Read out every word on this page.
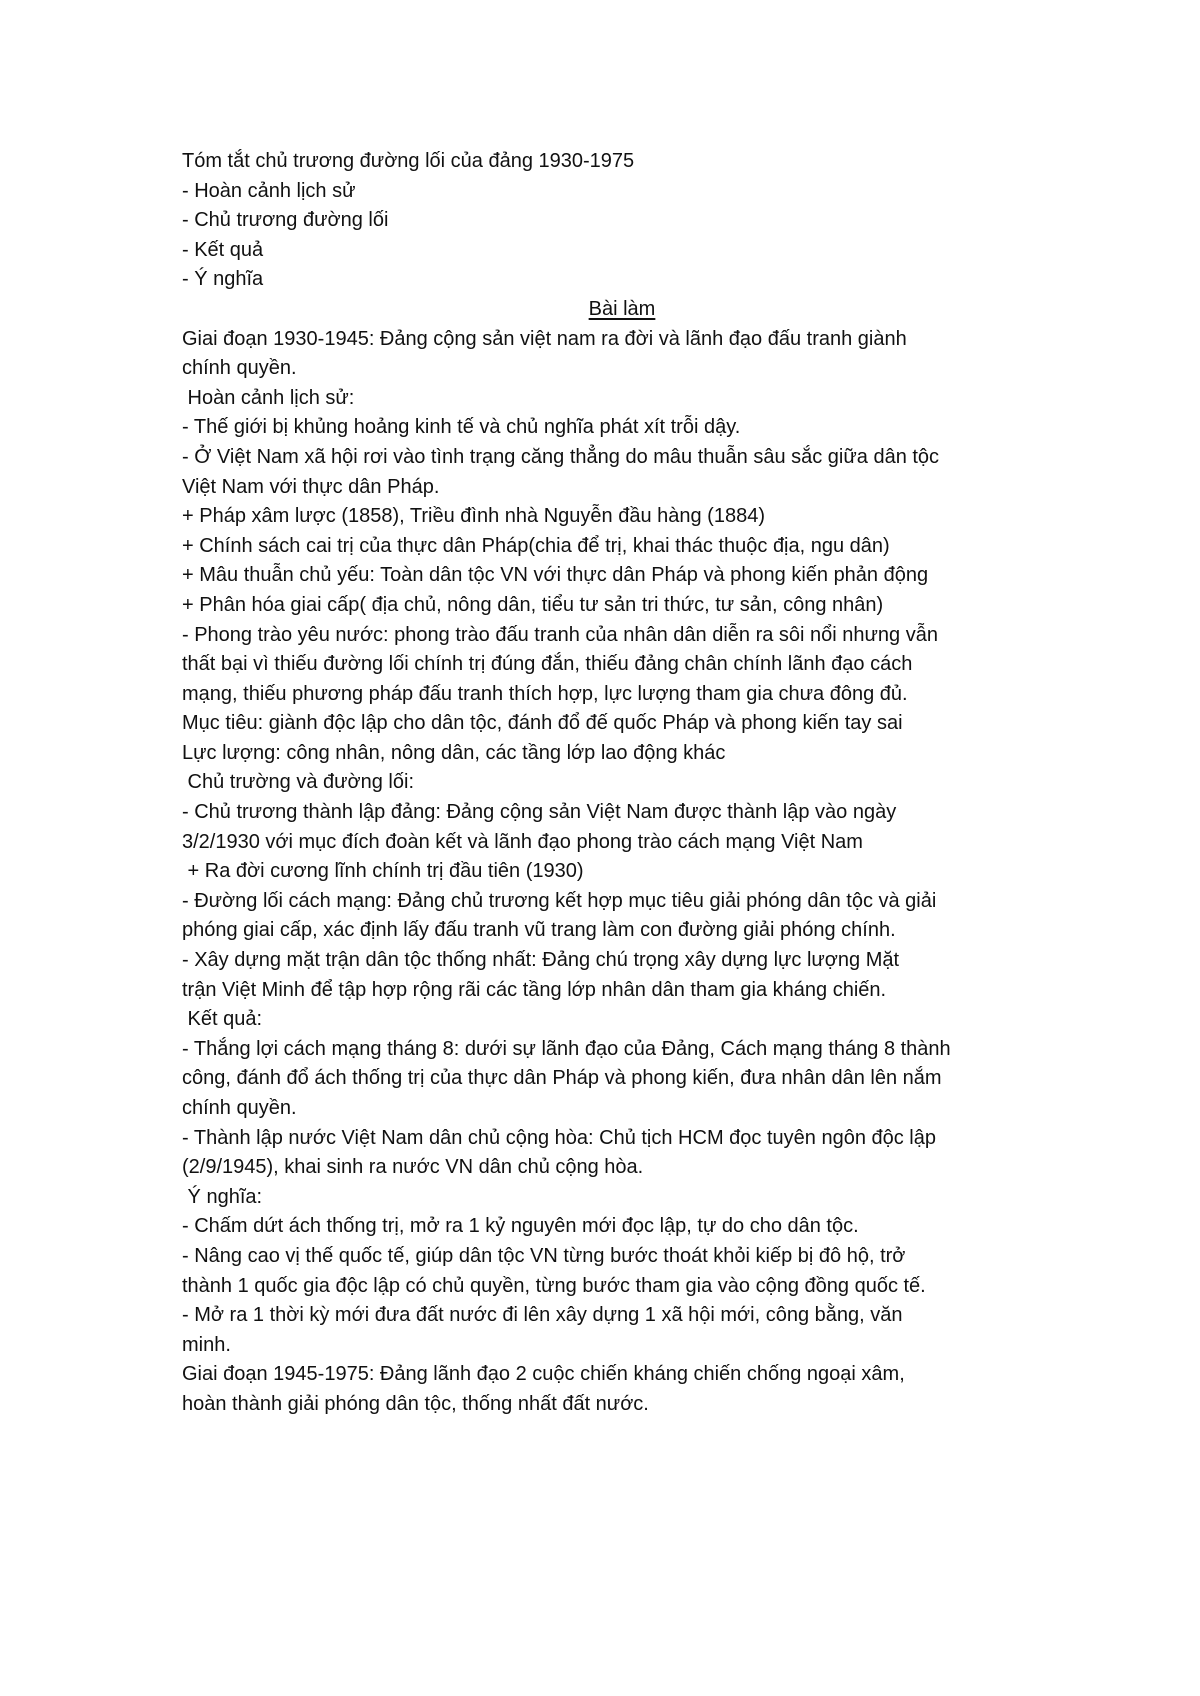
Tóm tắt chủ trương đường lối của đảng 1930-1975

- Hoàn cảnh lịch sử

- Chủ trương đường lối

- Kết quả

- Ý nghĩa

Bài làm

Giai đoạn 1930-1945: Đảng cộng sản việt nam ra đời và lãnh đạo đấu tranh giành

chính quyền.

Hoàn cảnh lịch sử:

- Thế giới bị khủng hoảng kinh tế và chủ nghĩa phát xít trỗi dậy.

- Ở Việt Nam xã hội rơi vào tình trạng căng thẳng do mâu thuẫn sâu sắc giữa dân tộc

Việt Nam với thực dân Pháp.

+ Pháp xâm lược (1858), Triều đình nhà Nguyễn đầu hàng (1884)

+ Chính sách cai trị của thực dân Pháp(chia để trị, khai thác thuộc địa, ngu dân)

+ Mâu thuẫn chủ yếu: Toàn dân tộc VN với thực dân Pháp và phong kiến phản động

+ Phân hóa giai cấp( địa chủ, nông dân, tiểu tư sản tri thức, tư sản, công nhân)

- Phong trào yêu nước: phong trào đấu tranh của nhân dân diễn ra sôi nổi nhưng vẫn

thất bại vì thiếu đường lối chính trị đúng đắn, thiếu đảng chân chính lãnh đạo cách

mạng, thiếu phương pháp đấu tranh thích hợp, lực lượng tham gia chưa đông đủ.

Mục tiêu: giành độc lập cho dân tộc, đánh đổ đế quốc Pháp và phong kiến tay sai

Lực lượng: công nhân, nông dân, các tầng lớp lao động khác

Chủ trường và đường lối:

- Chủ trương thành lập đảng: Đảng cộng sản Việt Nam được thành lập vào ngày

3/2/1930 với mục đích đoàn kết và lãnh đạo phong trào cách mạng Việt Nam

+ Ra đời cương lĩnh chính trị đầu tiên (1930)

- Đường lối cách mạng: Đảng chủ trương kết hợp mục tiêu giải phóng dân tộc và giải

phóng giai cấp, xác định lấy đấu tranh vũ trang làm con đường giải phóng chính.

- Xây dựng mặt trận dân tộc thống nhất: Đảng chú trọng xây dựng lực lượng Mặt

trận Việt Minh để tập hợp rộng rãi các tầng lớp nhân dân tham gia kháng chiến.

Kết quả:

- Thắng lợi cách mạng tháng 8: dưới sự lãnh đạo của Đảng, Cách mạng tháng 8 thành

công, đánh đổ ách thống trị của thực dân Pháp và phong kiến, đưa nhân dân lên nắm

chính quyền.

- Thành lập nước Việt Nam dân chủ cộng hòa: Chủ tịch HCM đọc tuyên ngôn độc lập

(2/9/1945), khai sinh ra nước VN dân chủ cộng hòa.

Ý nghĩa:

- Chấm dứt ách thống trị, mở ra 1 kỷ nguyên mới đọc lập, tự do cho dân tộc.

- Nâng cao vị thế quốc tế, giúp dân tộc VN từng bước thoát khỏi kiếp bị đô hộ, trở

thành 1 quốc gia độc lập có chủ quyền, từng bước tham gia vào cộng đồng quốc tế.

- Mở ra 1 thời kỳ mới đưa đất nước đi lên xây dựng 1 xã hội mới, công bằng, văn

minh.

Giai đoạn 1945-1975: Đảng lãnh đạo 2 cuộc chiến kháng chiến chống ngoại xâm,

hoàn thành giải phóng dân tộc, thống nhất đất nước.
